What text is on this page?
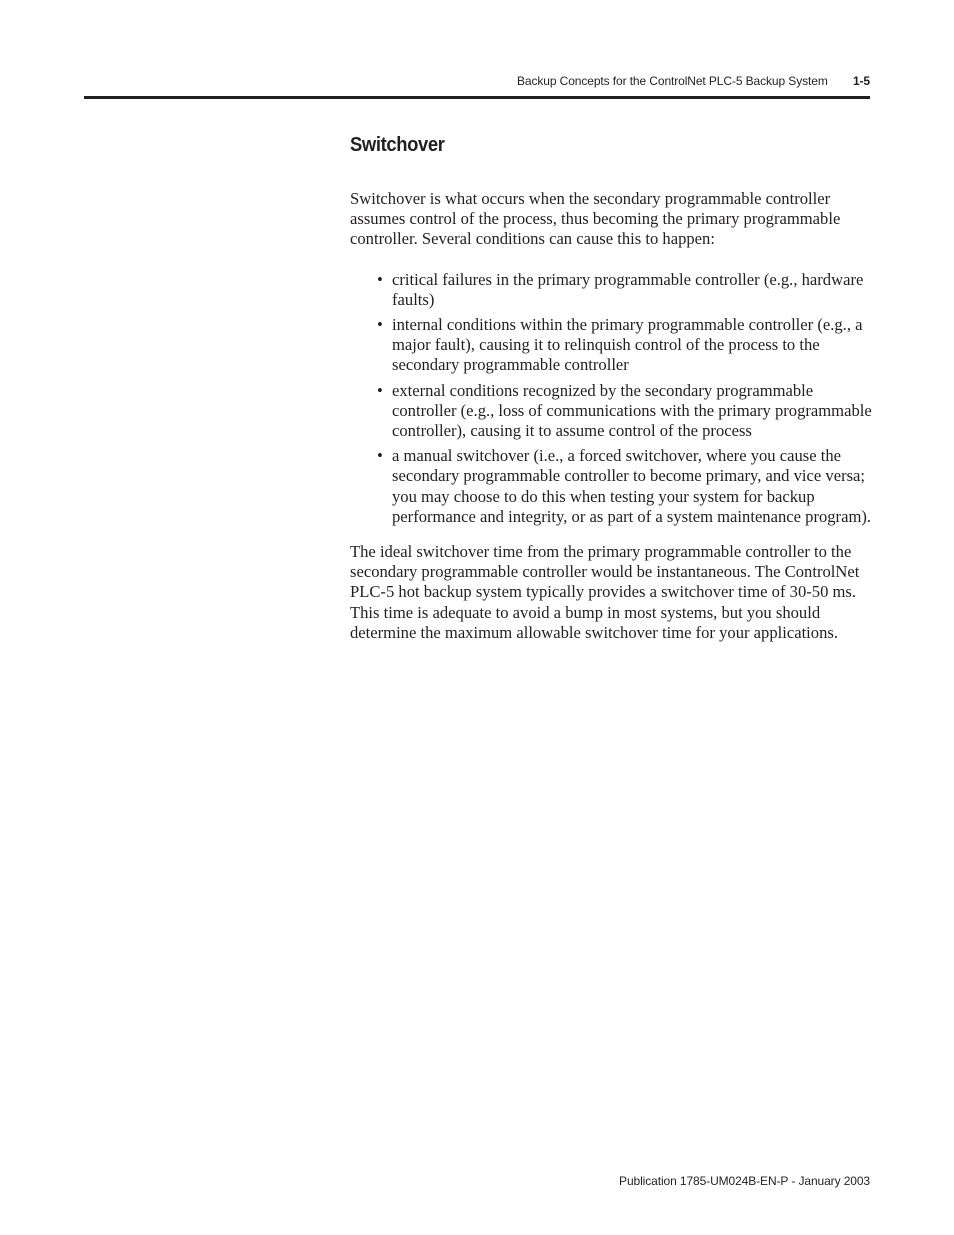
Backup Concepts for the ControlNet PLC-5 Backup System 1-5
Switchover

Switchover is what occurs when the secondary programmable controller assumes control of the process, thus becoming the primary programmable controller. Several conditions can cause this to happen:

• critical failures in the primary programmable controller (e.g., hardware faults)
• internal conditions within the primary programmable controller (e.g., a major fault), causing it to relinquish control of the process to the secondary programmable controller
• external conditions recognized by the secondary programmable controller (e.g., loss of communications with the primary programmable controller), causing it to assume control of the process
• a manual switchover (i.e., a forced switchover, where you cause the secondary programmable controller to become primary, and vice versa; you may choose to do this when testing your system for backup performance and integrity, or as part of a system maintenance program).

The ideal switchover time from the primary programmable controller to the secondary programmable controller would be instantaneous. The ControlNet PLC-5 hot backup system typically provides a switchover time of 30-50 ms. This time is adequate to avoid a bump in most systems, but you should determine the maximum allowable switchover time for your applications.

Publication 1785-UM024B-EN-P - January 2003
